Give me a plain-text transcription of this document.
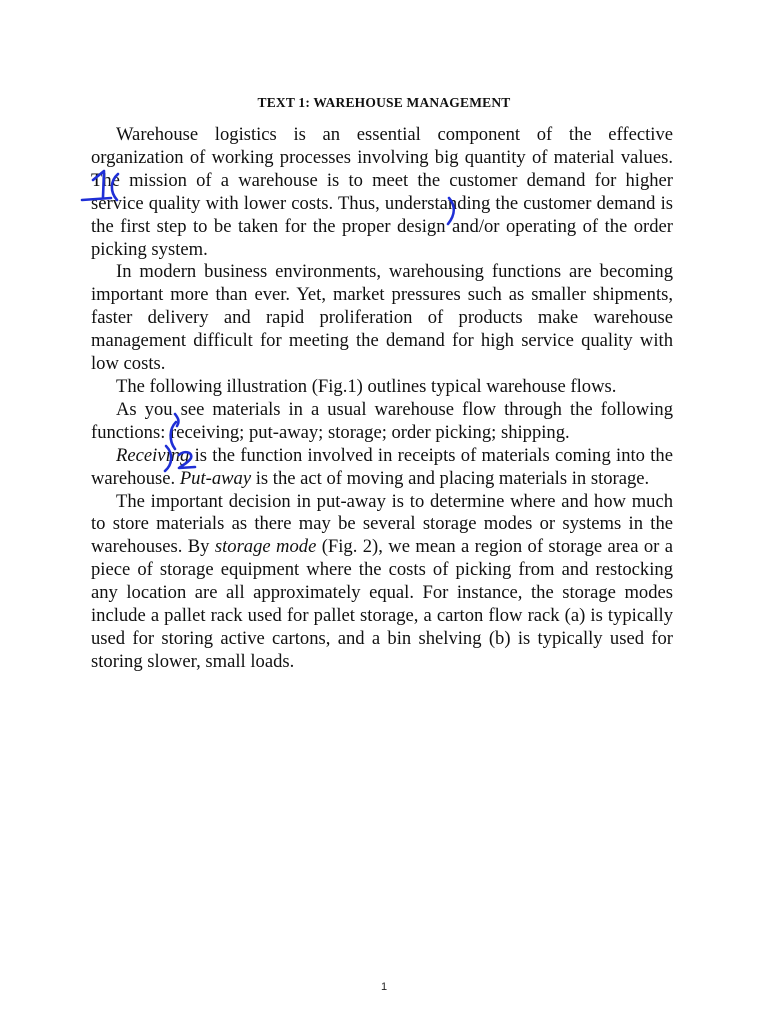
TEXT 1: WAREHOUSE MANAGEMENT

Warehouse logistics is an essential component of the effective organization of working processes involving big quantity of material values. The mission of a warehouse is to meet the customer demand for higher service quality with lower costs. Thus, understanding the customer demand is the first step to be taken for the proper design and/or operating of the order picking system.

In modern business environments, warehousing functions are becoming important more than ever. Yet, market pressures such as smaller shipments, faster delivery and rapid proliferation of products make warehouse management difficult for meeting the demand for high service quality with low costs.

The following illustration (Fig.1) outlines typical warehouse flows.

As you see materials in a usual warehouse flow through the following functions: receiving; put-away; storage; order picking; shipping.

Receiving is the function involved in receipts of materials coming into the warehouse. Put-away is the act of moving and placing materials in storage.

The important decision in put-away is to determine where and how much to store materials as there may be several storage modes or systems in the warehouses. By storage mode (Fig. 2), we mean a region of storage area or a piece of storage equipment where the costs of picking from and restocking any location are all approximately equal. For instance, the storage modes include a pallet rack used for pallet storage, a carton flow rack (a) is typically used for storing active cartons, and a bin shelving (b) is typically used for storing slower, small loads.

1
